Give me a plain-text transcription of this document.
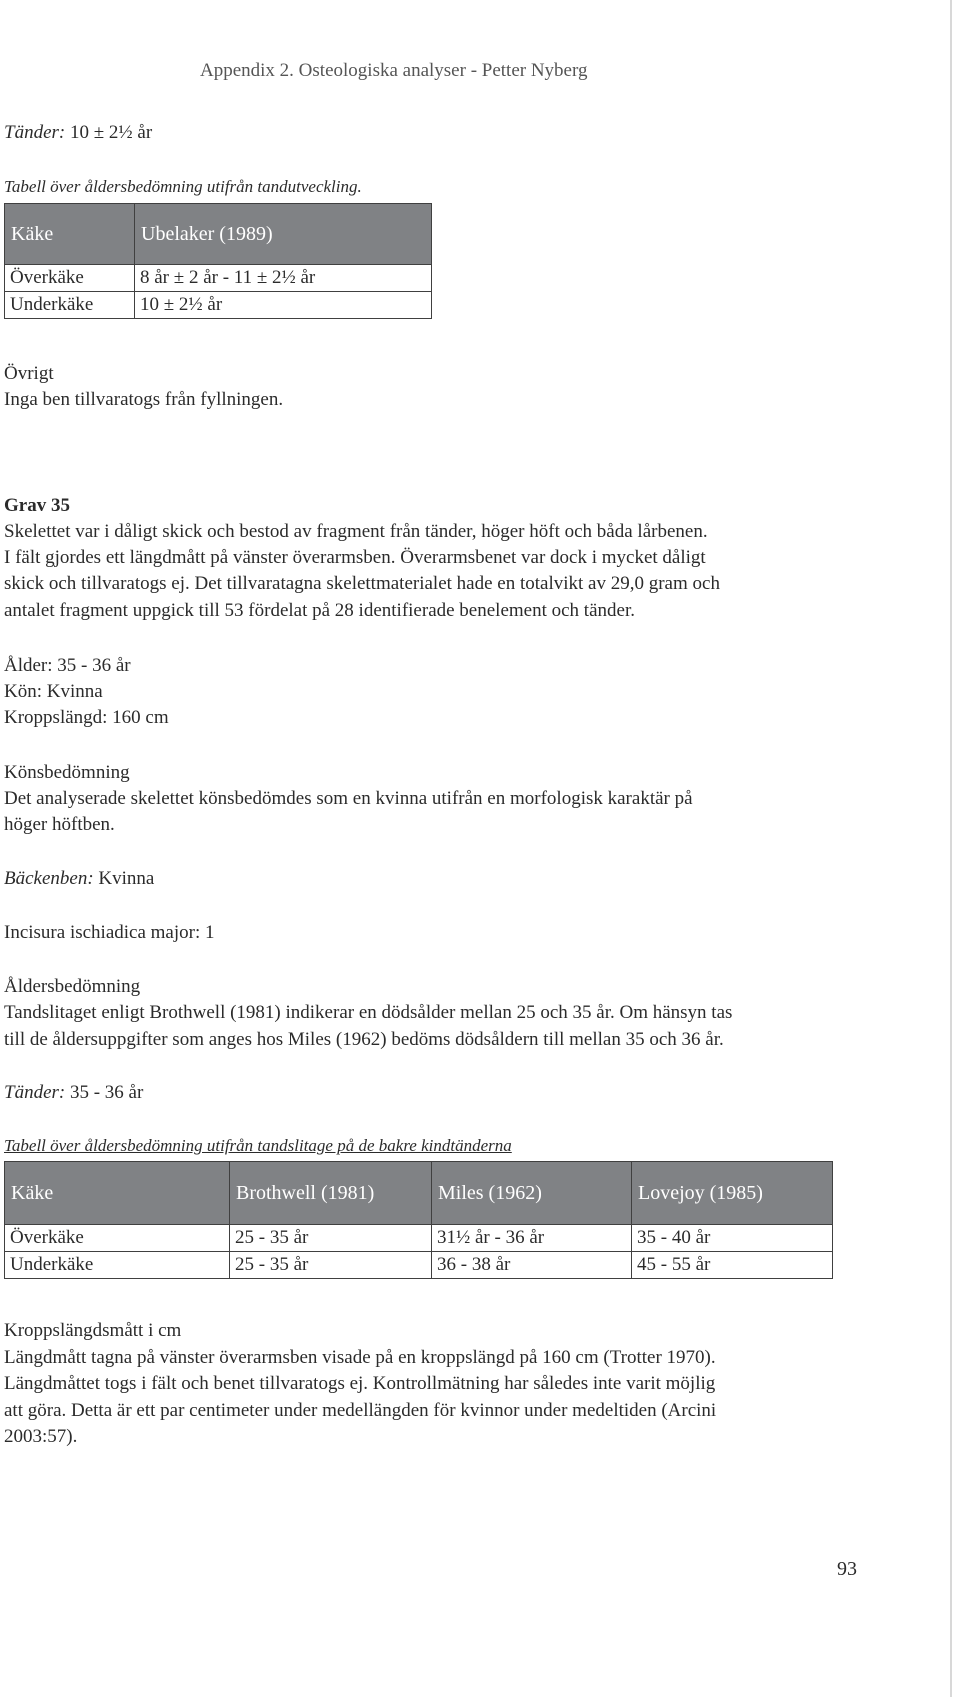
Appendix 2. Osteologiska analyser - Petter Nyberg

Tänder: 10 ± 2½ år

Tabell över åldersbedömning utifrån tandutveckling.

Käke	Ubelaker (1989)
Överkäke	8 år ± 2 år - 11 ± 2½ år
Underkäke	10 ± 2½ år

Övrigt

Inga ben tillvaratogs från fyllningen.

Grav 35

Skelettet var i dåligt skick och bestod av fragment från tänder, höger höft och båda lårbenen.

I fält gjordes ett längdmått på vänster överarmsben. Överarmsbenet var dock i mycket dåligt

skick och tillvaratogs ej. Det tillvaratagna skelettmaterialet hade en totalvikt av 29,0 gram och

antalet fragment uppgick till 53 fördelat på 28 identifierade benelement och tänder.

Ålder: 35 - 36 år

Kön: Kvinna

Kroppslängd: 160 cm

Könsbedömning

Det analyserade skelettet könsbedömdes som en kvinna utifrån en morfologisk karaktär på

höger höftben.

Bäckenben: Kvinna

Incisura ischiadica major: 1

Åldersbedömning

Tandslitaget enligt Brothwell (1981) indikerar en dödsålder mellan 25 och 35 år. Om hänsyn tas

till de åldersuppgifter som anges hos Miles (1962) bedöms dödsåldern till mellan 35 och 36 år.

Tänder: 35 - 36 år

Tabell över åldersbedömning utifrån tandslitage på de bakre kindtänderna

Käke	Brothwell (1981)	Miles (1962)	Lovejoy (1985)
Överkäke	25 - 35 år	31½ år - 36 år	35 - 40 år
Underkäke	25 - 35 år	36 - 38 år	45 - 55 år

Kroppslängdsmått i cm

Längdmått tagna på vänster överarmsben visade på en kroppslängd på 160 cm (Trotter 1970).

Längdmåttet togs i fält och benet tillvaratogs ej. Kontrollmätning har således inte varit möjlig

att göra. Detta är ett par centimeter under medellängden för kvinnor under medeltiden (Arcini

2003:57).

93
